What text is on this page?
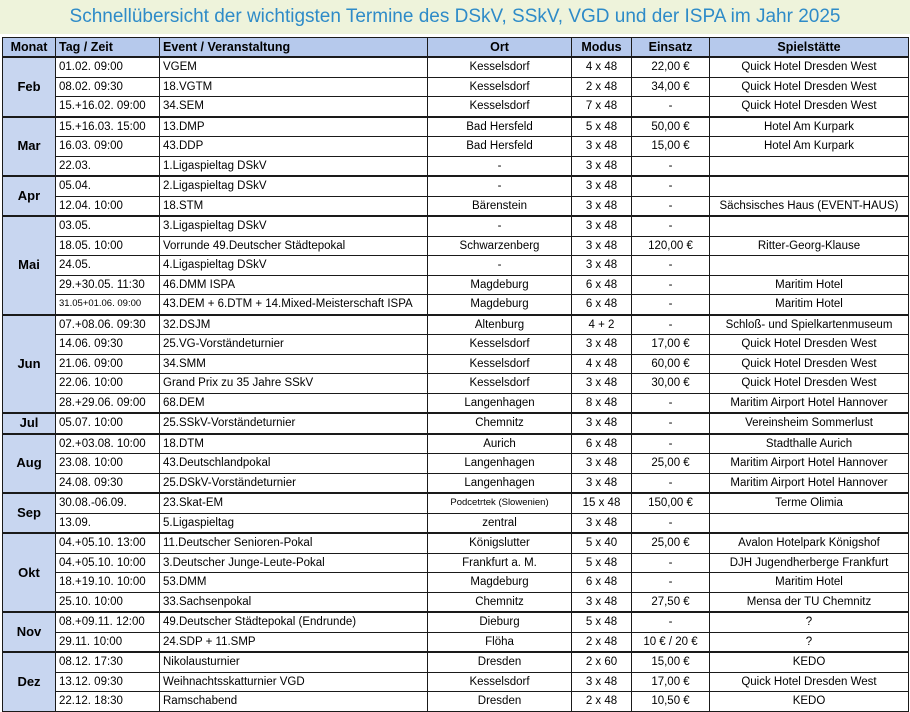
Schnellübersicht der wichtigsten Termine des DSkV, SSkV, VGD und der ISPA im Jahr 2025
Monat	Tag / Zeit	Event / Veranstaltung	Ort	Modus	Einsatz	Spielstätte
Feb	01.02. 09:00	VGEM	Kesselsdorf	4 x 48	22,00 €	Quick Hotel Dresden West
	08.02. 09:30	18.VGTM	Kesselsdorf	2 x 48	34,00 €	Quick Hotel Dresden West
	15.+16.02. 09:00	34.SEM	Kesselsdorf	7 x 48	-	Quick Hotel Dresden West
Mar	15.+16.03. 15:00	13.DMP	Bad Hersfeld	5 x 48	50,00 €	Hotel Am Kurpark
	16.03. 09:00	43.DDP	Bad Hersfeld	3 x 48	15,00 €	Hotel Am Kurpark
	22.03.	1.Ligaspieltag DSkV	-	3 x 48	-	
Apr	05.04.	2.Ligaspieltag DSkV	-	3 x 48	-	
	12.04. 10:00	18.STM	Bärenstein	3 x 48	-	Sächsisches Haus (EVENT-HAUS)
Mai	03.05.	3.Ligaspieltag DSkV	-	3 x 48	-	
	18.05. 10:00	Vorrunde 49.Deutscher Städtepokal	Schwarzenberg	3 x 48	120,00 €	Ritter-Georg-Klause
	24.05.	4.Ligaspieltag DSkV	-	3 x 48	-	
	29.+30.05. 11:30	46.DMM ISPA	Magdeburg	6 x 48	-	Maritim Hotel
	31.05+01.06. 09:00	43.DEM + 6.DTM + 14.Mixed-Meisterschaft ISPA	Magdeburg	6 x 48	-	Maritim Hotel
Jun	07.+08.06. 09:30	32.DSJM	Altenburg	4 + 2	-	Schloß- und Spielkartenmuseum
	14.06. 09:30	25.VG-Vorständeturnier	Kesselsdorf	3 x 48	17,00 €	Quick Hotel Dresden West
	21.06. 09:00	34.SMM	Kesselsdorf	4 x 48	60,00 €	Quick Hotel Dresden West
	22.06. 10:00	Grand Prix zu 35 Jahre SSkV	Kesselsdorf	3 x 48	30,00 €	Quick Hotel Dresden West
	28.+29.06. 09:00	68.DEM	Langenhagen	8 x 48	-	Maritim Airport Hotel Hannover
Jul	05.07. 10:00	25.SSkV-Vorständeturnier	Chemnitz	3 x 48	-	Vereinsheim Sommerlust
Aug	02.+03.08. 10:00	18.DTM	Aurich	6 x 48	-	Stadthalle Aurich
	23.08. 10:00	43.Deutschlandpokal	Langenhagen	3 x 48	25,00 €	Maritim Airport Hotel Hannover
	24.08. 09:30	25.DSkV-Vorständeturnier	Langenhagen	3 x 48	-	Maritim Airport Hotel Hannover
Sep	30.08.-06.09.	23.Skat-EM	Podcetrtek (Slowenien)	15 x 48	150,00 €	Terme Olimia
	13.09.	5.Ligaspieltag	zentral	3 x 48	-	
Okt	04.+05.10. 13:00	11.Deutscher Senioren-Pokal	Königslutter	5 x 40	25,00 €	Avalon Hotelpark Königshof
	04.+05.10. 10:00	3.Deutscher Junge-Leute-Pokal	Frankfurt a. M.	5 x 48	-	DJH Jugendherberge Frankfurt
	18.+19.10. 10:00	53.DMM	Magdeburg	6 x 48	-	Maritim Hotel
	25.10. 10:00	33.Sachsenpokal	Chemnitz	3 x 48	27,50 €	Mensa der TU Chemnitz
Nov	08.+09.11. 12:00	49.Deutscher Städtepokal (Endrunde)	Dieburg	5 x 48	-	?
	29.11. 10:00	24.SDP + 11.SMP	Flöha	2 x 48	10 € / 20 €	?
Dez	08.12. 17:30	Nikolausturnier	Dresden	2 x 60	15,00 €	KEDO
	13.12. 09:30	Weihnachtsskatturnier VGD	Kesselsdorf	3 x 48	17,00 €	Quick Hotel Dresden West
	22.12. 18:30	Ramschabend	Dresden	2 x 48	10,50 €	KEDO
